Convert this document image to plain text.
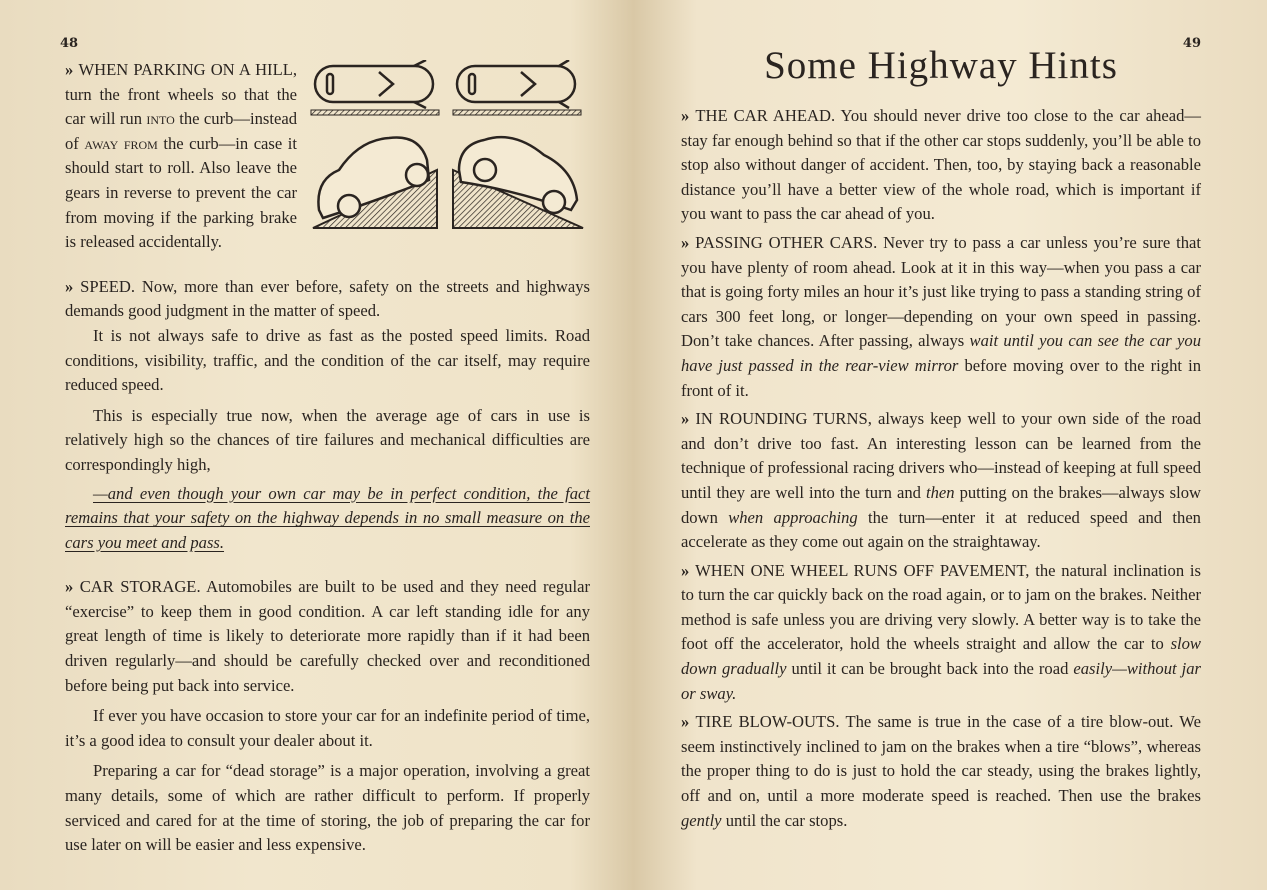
48

» WHEN PARKING ON A HILL, turn the front wheels so that the car will run into the curb—instead of away from the curb—in case it should start to roll. Also leave the gears in reverse to prevent the car from moving if the parking brake is released accidentally.

» SPEED. Now, more than ever before, safety on the streets and highways demands good judgment in the matter of speed.

It is not always safe to drive as fast as the posted speed limits. Road conditions, visibility, traffic, and the condition of the car itself, may require reduced speed.

This is especially true now, when the average age of cars in use is relatively high so the chances of tire failures and mechanical difficulties are correspondingly high,

—and even though your own car may be in perfect condition, the fact remains that your safety on the highway depends in no small measure on the cars you meet and pass.

» CAR STORAGE. Automobiles are built to be used and they need regular “exercise” to keep them in good condition. A car left standing idle for any great length of time is likely to deteriorate more rapidly than if it had been driven regularly—and should be carefully checked over and reconditioned before being put back into service.

If ever you have occasion to store your car for an indefinite period of time, it’s a good idea to consult your dealer about it.

Preparing a car for “dead storage” is a major operation, involving a great many details, some of which are rather difficult to perform. If properly serviced and cared for at the time of storing, the job of preparing the car for use later on will be easier and less expensive.

49
Some Highway Hints

» THE CAR AHEAD. You should never drive too close to the car ahead—stay far enough behind so that if the other car stops suddenly, you’ll be able to stop also without danger of accident. Then, too, by staying back a reasonable distance you’ll have a better view of the whole road, which is important if you want to pass the car ahead of you.

» PASSING OTHER CARS. Never try to pass a car unless you’re sure that you have plenty of room ahead. Look at it in this way—when you pass a car that is going forty miles an hour it’s just like trying to pass a standing string of cars 300 feet long, or longer—depending on your own speed in passing. Don’t take chances. After passing, always wait until you can see the car you have just passed in the rear-view mirror before moving over to the right in front of it.

» IN ROUNDING TURNS, always keep well to your own side of the road and don’t drive too fast. An interesting lesson can be learned from the technique of professional racing drivers who—instead of keeping at full speed until they are well into the turn and then putting on the brakes—always slow down when approaching the turn—enter it at reduced speed and then accelerate as they come out again on the straightaway.

» WHEN ONE WHEEL RUNS OFF PAVEMENT, the natural inclination is to turn the car quickly back on the road again, or to jam on the brakes. Neither method is safe unless you are driving very slowly. A better way is to take the foot off the accelerator, hold the wheels straight and allow the car to slow down gradually until it can be brought back into the road easily—without jar or sway.

» TIRE BLOW-OUTS. The same is true in the case of a tire blow-out. We seem instinctively inclined to jam on the brakes when a tire “blows”, whereas the proper thing to do is just to hold the car steady, using the brakes lightly, off and on, until a more moderate speed is reached. Then use the brakes gently until the car stops.
